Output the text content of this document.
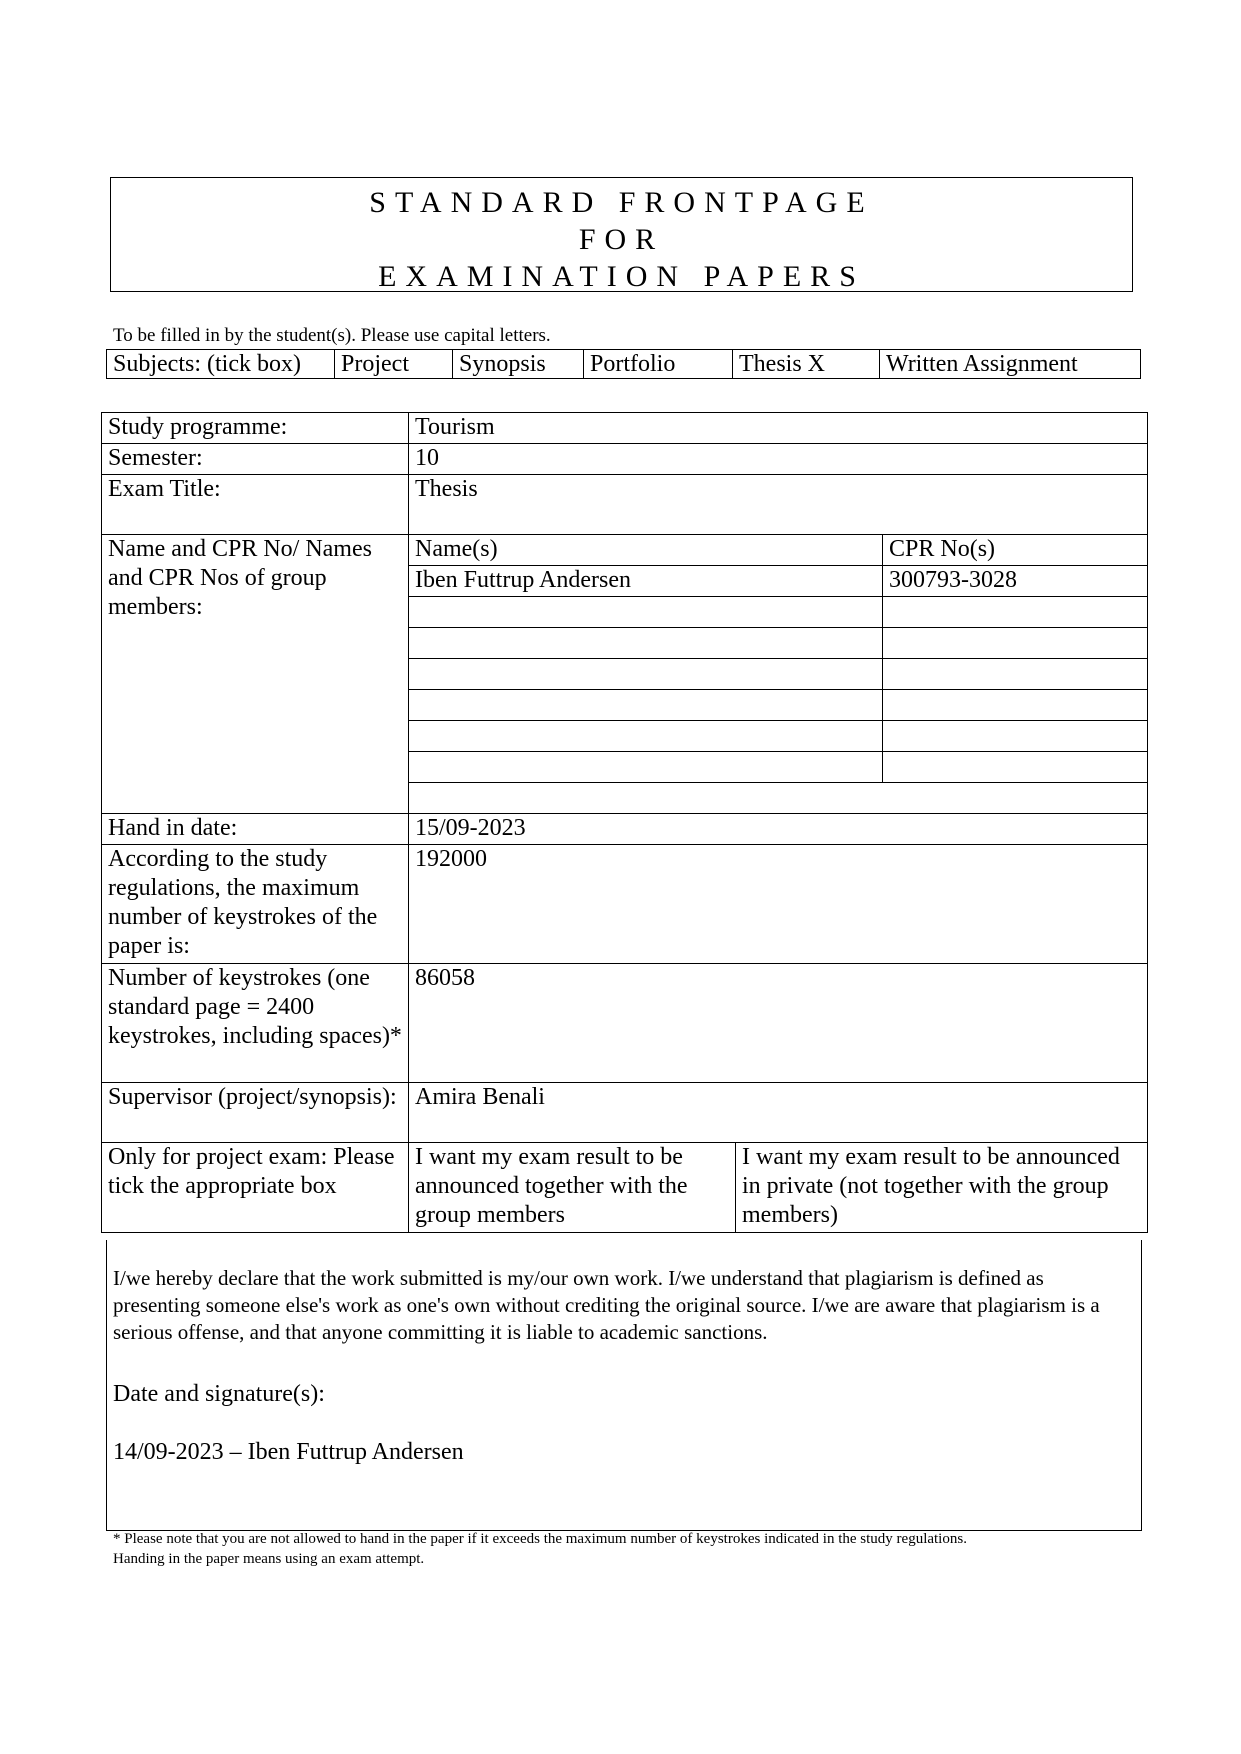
STANDARD FRONTPAGE
FOR
EXAMINATION PAPERS
To be filled in by the student(s). Please use capital letters.
Subjects: (tick box)	Project	Synopsis	Portfolio	Thesis X	Written Assignment
Study programme:	Tourism		
Semester:	10		
Exam Title:	Thesis		
Name and CPR No/ Names and CPR Nos of group members:	Name(s)		CPR No(s)
	Iben Futtrup Andersen		300793-3028

Hand in date:	15/09-2023		
According to the study regulations, the maximum number of keystrokes of the paper is:	192000		
Number of keystrokes (one standard page = 2400 keystrokes, including spaces)*	86058		
Supervisor (project/synopsis):	Amira Benali		
Only for project exam: Please tick the appropriate box	I want my exam result to be announced together with the group members	I want my exam result to be announced in private (not together with the group members)	
I/we hereby declare that the work submitted is my/our own work. I/we understand that plagiarism is defined as presenting someone else's work as one's own without crediting the original source. I/we are aware that plagiarism is a serious offense, and that anyone committing it is liable to academic sanctions.
Date and signature(s):
14/09-2023 – Iben Futtrup Andersen
* Please note that you are not allowed to hand in the paper if it exceeds the maximum number of keystrokes indicated in the study regulations.
Handing in the paper means using an exam attempt.
